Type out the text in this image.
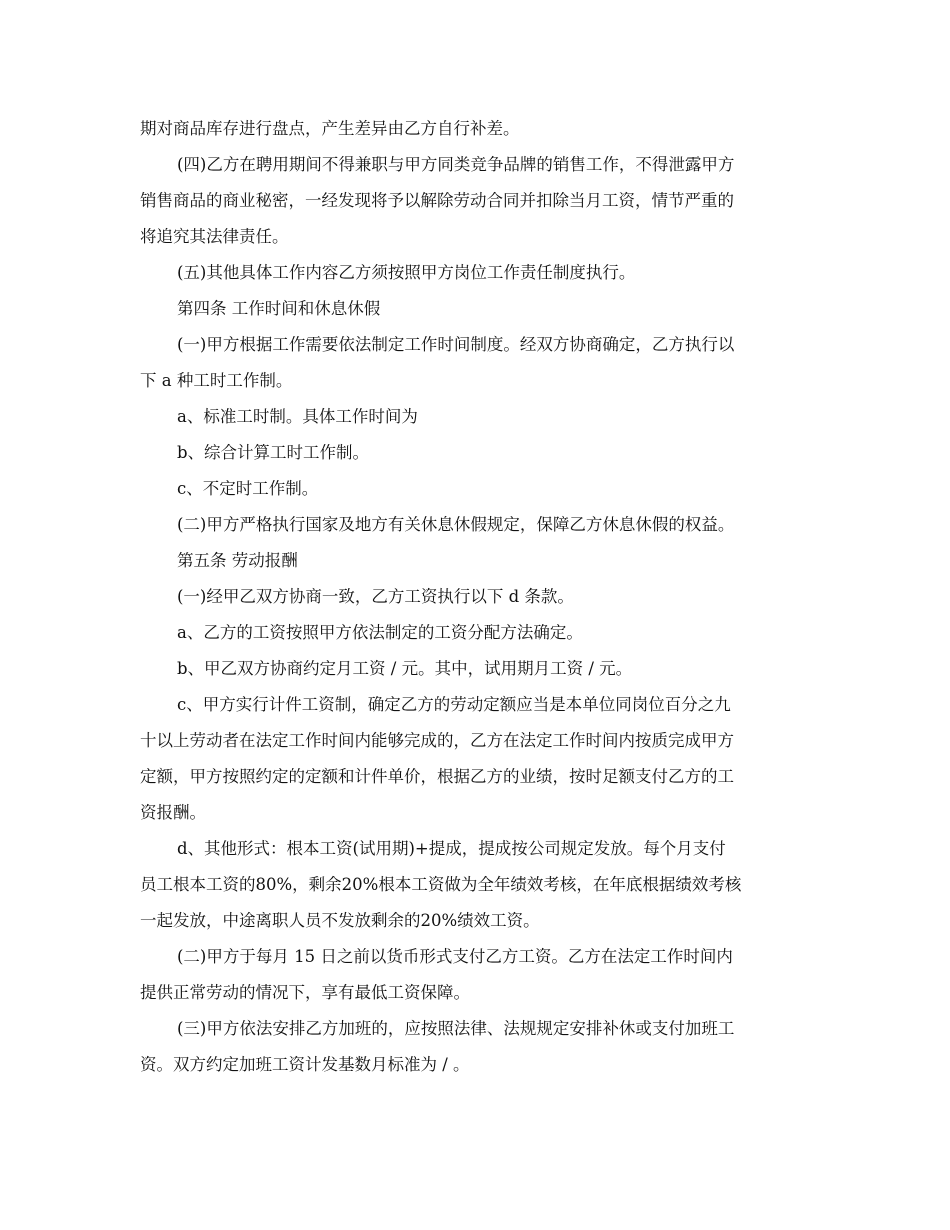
期对商品库存进行盘点，产生差异由乙方自行补差。
(四)乙方在聘用期间不得兼职与甲方同类竞争品牌的销售工作，不得泄露甲方
销售商品的商业秘密，一经发现将予以解除劳动合同并扣除当月工资，情节严重的
将追究其法律责任。
(五)其他具体工作内容乙方须按照甲方岗位工作责任制度执行。
第四条 工作时间和休息休假
(一)甲方根据工作需要依法制定工作时间制度。经双方协商确定，乙方执行以
下 a 种工时工作制。
a、标准工时制。具体工作时间为
b、综合计算工时工作制。
c、不定时工作制。
(二)甲方严格执行国家及地方有关休息休假规定，保障乙方休息休假的权益。
第五条 劳动报酬
(一)经甲乙双方协商一致，乙方工资执行以下 d 条款。
a、乙方的工资按照甲方依法制定的工资分配方法确定。
b、甲乙双方协商约定月工资 / 元。其中，试用期月工资 / 元。
c、甲方实行计件工资制，确定乙方的劳动定额应当是本单位同岗位百分之九
十以上劳动者在法定工作时间内能够完成的，乙方在法定工作时间内按质完成甲方
定额，甲方按照约定的定额和计件单价，根据乙方的业绩，按时足额支付乙方的工
资报酬。
d、其他形式：根本工资(试用期)+提成，提成按公司规定发放。每个月支付
员工根本工资的80%，剩余20%根本工资做为全年绩效考核，在年底根据绩效考核
一起发放，中途离职人员不发放剩余的20%绩效工资。
(二)甲方于每月 15 日之前以货币形式支付乙方工资。乙方在法定工作时间内
提供正常劳动的情况下，享有最低工资保障。
(三)甲方依法安排乙方加班的，应按照法律、法规规定安排补休或支付加班工
资。双方约定加班工资计发基数月标准为 / 。
